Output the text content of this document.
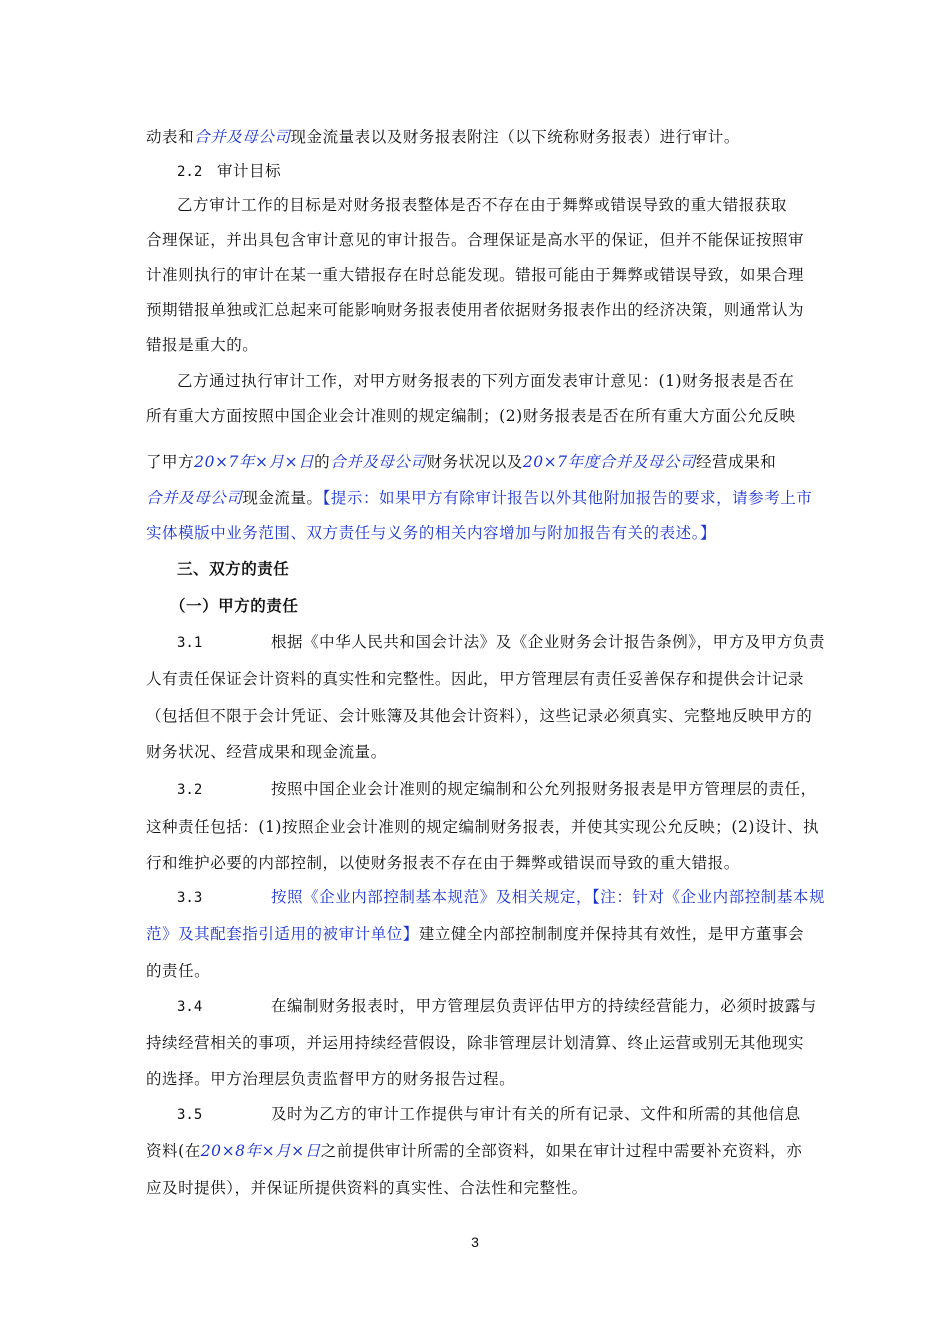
动表和合并及母公司现金流量表以及财务报表附注（以下统称财务报表）进行审计。
2.2 审计目标
乙方审计工作的目标是对财务报表整体是否不存在由于舞弊或错误导致的重大错报获取
合理保证，并出具包含审计意见的审计报告。合理保证是高水平的保证，但并不能保证按照审
计准则执行的审计在某一重大错报存在时总能发现。错报可能由于舞弊或错误导致，如果合理
预期错报单独或汇总起来可能影响财务报表使用者依据财务报表作出的经济决策，则通常认为
错报是重大的。
乙方通过执行审计工作，对甲方财务报表的下列方面发表审计意见：(1)财务报表是否在
所有重大方面按照中国企业会计准则的规定编制；(2)财务报表是否在所有重大方面公允反映
了甲方20×7年×月×日的合并及母公司财务状况以及20×7年度合并及母公司经营成果和
合并及母公司现金流量。【提示：如果甲方有除审计报告以外其他附加报告的要求，请参考上市
实体模版中业务范围、双方责任与义务的相关内容增加与附加报告有关的表述。】
三、双方的责任
（一）甲方的责任
3.1	根据《中华人民共和国会计法》及《企业财务会计报告条例》，甲方及甲方负责
人有责任保证会计资料的真实性和完整性。因此，甲方管理层有责任妥善保存和提供会计记录
（包括但不限于会计凭证、会计账簿及其他会计资料），这些记录必须真实、完整地反映甲方的
财务状况、经营成果和现金流量。
3.2	按照中国企业会计准则的规定编制和公允列报财务报表是甲方管理层的责任，
这种责任包括：(1)按照企业会计准则的规定编制财务报表，并使其实现公允反映；(2)设计、执
行和维护必要的内部控制，以使财务报表不存在由于舞弊或错误而导致的重大错报。
3.3	按照《企业内部控制基本规范》及相关规定，【注：针对《企业内部控制基本规
范》及其配套指引适用的被审计单位】建立健全内部控制制度并保持其有效性，是甲方董事会
的责任。
3.4	在编制财务报表时，甲方管理层负责评估甲方的持续经营能力，必须时披露与
持续经营相关的事项，并运用持续经营假设，除非管理层计划清算、终止运营或别无其他现实
的选择。甲方治理层负责监督甲方的财务报告过程。
3.5	及时为乙方的审计工作提供与审计有关的所有记录、文件和所需的其他信息
资料(在20×8年×月×日之前提供审计所需的全部资料，如果在审计过程中需要补充资料，亦
应及时提供），并保证所提供资料的真实性、合法性和完整性。
3
